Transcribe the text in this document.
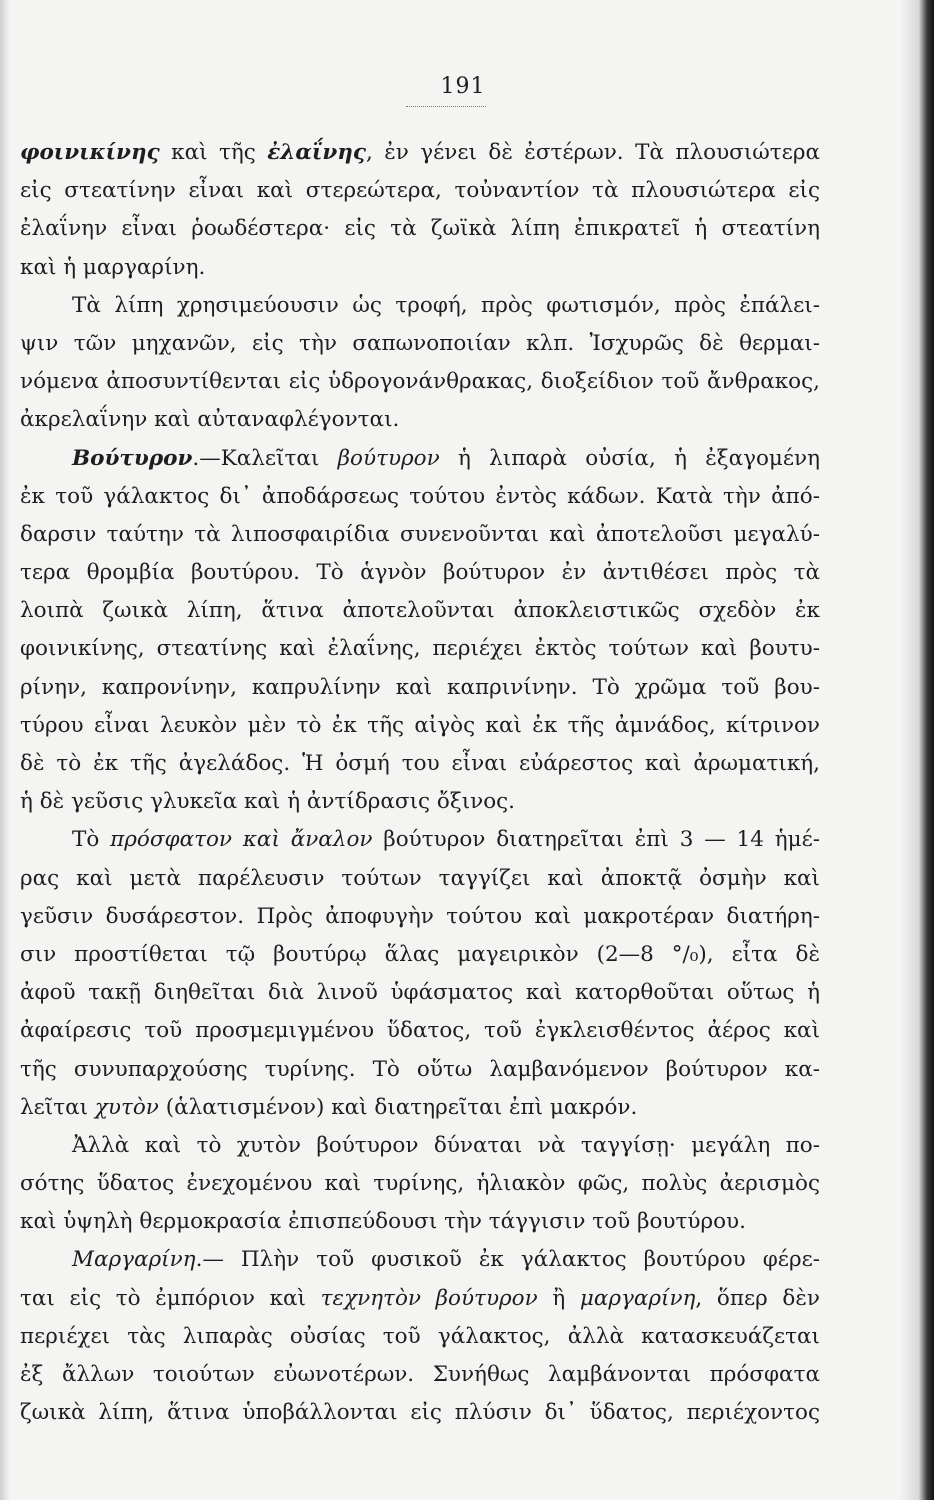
191
φοινικίνης καὶ τῆς ἐλαΐνης, ἐν γένει δὲ ἐστέρων. Τὰ πλουσιώτερα
εἰς στεατίνην εἶναι καὶ στερεώτερα, τοὐναντίον τὰ πλουσιώτερα εἰς
ἐλαΐνην εἶναι ῥοωδέστερα· εἰς τὰ ζωϊκὰ λίπη ἐπικρατεῖ ἡ στεατίνη
καὶ ἡ μαργαρίνη.
Τὰ λίπη χρησιμεύουσιν ὡς τροφή, πρὸς φωτισμόν, πρὸς ἐπάλει-
ψιν τῶν μηχανῶν, εἰς τὴν σαπωνοποιίαν κλπ. Ἰσχυρῶς δὲ θερμαι-
νόμενα ἀποσυντίθενται εἰς ὑδρογονάνθρακας, διοξείδιον τοῦ ἄνθρακος,
ἀκρελαΐνην καὶ αὐταναφλέγονται.
Βούτυρον.—Καλεῖται βούτυρον ἡ λιπαρὰ οὐσία, ἡ ἐξαγομένη
ἐκ τοῦ γάλακτος δι᾽ ἀποδάρσεως τούτου ἐντὸς κάδων. Κατὰ τὴν ἀπό-
δαρσιν ταύτην τὰ λιποσφαιρίδια συνενοῦνται καὶ ἀποτελοῦσι μεγαλύ-
τερα θρομβία βουτύρου. Τὸ ἁγνὸν βούτυρον ἐν ἀντιθέσει πρὸς τὰ
λοιπὰ ζωικὰ λίπη, ἅτινα ἀποτελοῦνται ἀποκλειστικῶς σχεδὸν ἐκ
φοινικίνης, στεατίνης καὶ ἐλαΐνης, περιέχει ἐκτὸς τούτων καὶ βουτυ-
ρίνην, καπρονίνην, καπρυλίνην καὶ καπρινίνην. Τὸ χρῶμα τοῦ βου-
τύρου εἶναι λευκὸν μὲν τὸ ἐκ τῆς αἰγὸς καὶ ἐκ τῆς ἀμνάδος, κίτρινον
δὲ τὸ ἐκ τῆς ἀγελάδος. Ἡ ὀσμή του εἶναι εὐάρεστος καὶ ἀρωματική,
ἡ δὲ γεῦσις γλυκεῖα καὶ ἡ ἀντίδρασις ὄξινος.
Τὸ πρόσφατον καὶ ἄναλον βούτυρον διατηρεῖται ἐπὶ 3 — 14 ἡμέ-
ρας καὶ μετὰ παρέλευσιν τούτων ταγγίζει καὶ ἀποκτᾷ ὀσμὴν καὶ
γεῦσιν δυσάρεστον. Πρὸς ἀποφυγὴν τούτου καὶ μακροτέραν διατήρη-
σιν προστίθεται τῷ βουτύρῳ ἅλας μαγειρικὸν (2—8 °/₀), εἶτα δὲ
ἀφοῦ τακῇ διηθεῖται διὰ λινοῦ ὑφάσματος καὶ κατορθοῦται οὕτως ἡ
ἀφαίρεσις τοῦ προσμεμιγμένου ὕδατος, τοῦ ἐγκλεισθέντος ἀέρος καὶ
τῆς συνυπαρχούσης τυρίνης. Τὸ οὕτω λαμβανόμενον βούτυρον κα-
λεῖται χυτὸν (ἁλατισμένον) καὶ διατηρεῖται ἐπὶ μακρόν.
Ἀλλὰ καὶ τὸ χυτὸν βούτυρον δύναται νὰ ταγγίσῃ· μεγάλη πο-
σότης ὕδατος ἐνεχομένου καὶ τυρίνης, ἡλιακὸν φῶς, πολὺς ἀερισμὸς
καὶ ὑψηλὴ θερμοκρασία ἐπισπεύδουσι τὴν τάγγισιν τοῦ βουτύρου.
Μαργαρίνη.— Πλὴν τοῦ φυσικοῦ ἐκ γάλακτος βουτύρου φέρε-
ται εἰς τὸ ἐμπόριον καὶ τεχνητὸν βούτυρον ἢ μαργαρίνη, ὅπερ δὲν
περιέχει τὰς λιπαρὰς οὐσίας τοῦ γάλακτος, ἀλλὰ κατασκευάζεται
ἐξ ἄλλων τοιούτων εὐωνοτέρων. Συνήθως λαμβάνονται πρόσφατα
ζωικὰ λίπη, ἅτινα ὑποβάλλονται εἰς πλύσιν δι᾽ ὕδατος, περιέχοντος
